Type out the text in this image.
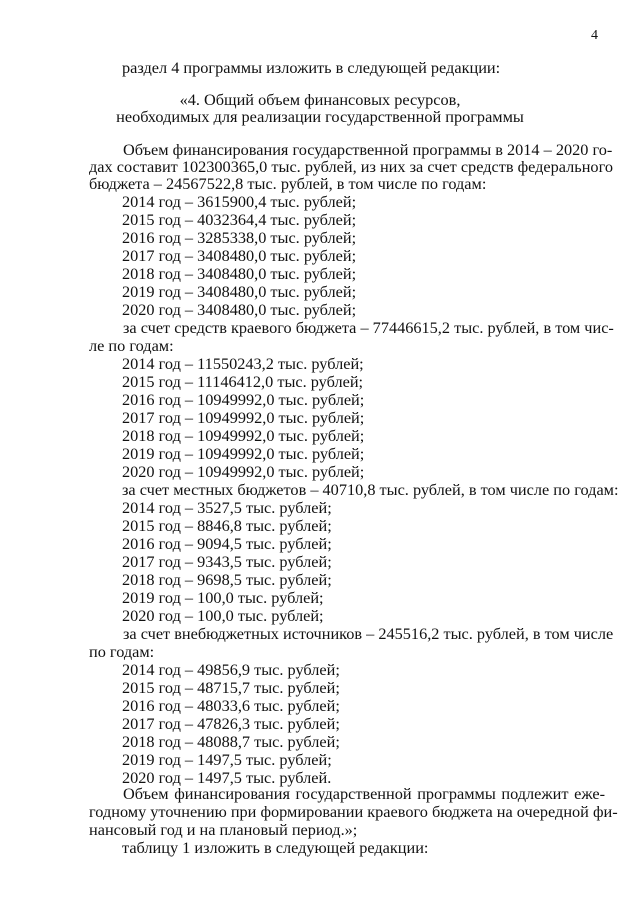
4
раздел 4 программы изложить в следующей редакции:
«4. Общий объем финансовых ресурсов,
необходимых для реализации государственной программы
Объем финансирования государственной программы в 2014 – 2020 го-
дах составит 102300365,0 тыс. рублей, из них за счет средств федерального
бюджета – 24567522,8 тыс. рублей, в том числе по годам:
2014 год – 3615900,4 тыс. рублей;
2015 год – 4032364,4 тыс. рублей;
2016 год – 3285338,0 тыс. рублей;
2017 год – 3408480,0 тыс. рублей;
2018 год – 3408480,0 тыс. рублей;
2019 год – 3408480,0 тыс. рублей;
2020 год – 3408480,0 тыс. рублей;
за счет средств краевого бюджета – 77446615,2 тыс. рублей, в том чис-
ле по годам:
2014 год – 11550243,2 тыс. рублей;
2015 год – 11146412,0 тыс. рублей;
2016 год – 10949992,0 тыс. рублей;
2017 год – 10949992,0 тыс. рублей;
2018 год – 10949992,0 тыс. рублей;
2019 год – 10949992,0 тыс. рублей;
2020 год – 10949992,0 тыс. рублей;
за счет местных бюджетов – 40710,8 тыс. рублей, в том числе по годам:
2014 год – 3527,5 тыс. рублей;
2015 год – 8846,8 тыс. рублей;
2016 год – 9094,5 тыс. рублей;
2017 год – 9343,5 тыс. рублей;
2018 год – 9698,5 тыс. рублей;
2019 год – 100,0 тыс. рублей;
2020 год – 100,0 тыс. рублей;
за счет внебюджетных источников – 245516,2 тыс. рублей, в том числе
по годам:
2014 год – 49856,9 тыс. рублей;
2015 год – 48715,7 тыс. рублей;
2016 год – 48033,6 тыс. рублей;
2017 год – 47826,3 тыс. рублей;
2018 год – 48088,7 тыс. рублей;
2019 год – 1497,5 тыс. рублей;
2020 год – 1497,5 тыс. рублей.
Объем финансирования государственной программы подлежит еже-
годному уточнению при формировании краевого бюджета на очередной фи-
нансовый год и на плановый период.»;
таблицу 1 изложить в следующей редакции:
